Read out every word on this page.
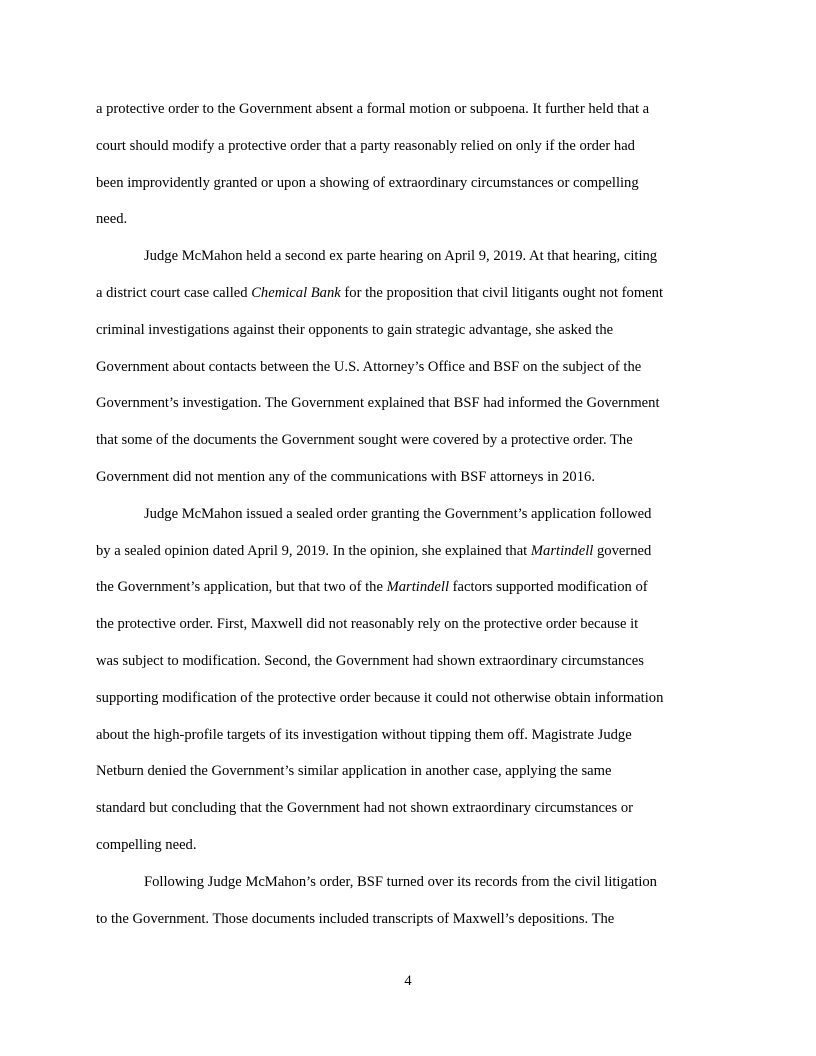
a protective order to the Government absent a formal motion or subpoena. It further held that a
court should modify a protective order that a party reasonably relied on only if the order had
been improvidently granted or upon a showing of extraordinary circumstances or compelling
need.
Judge McMahon held a second ex parte hearing on April 9, 2019. At that hearing, citing
a district court case called Chemical Bank for the proposition that civil litigants ought not foment
criminal investigations against their opponents to gain strategic advantage, she asked the
Government about contacts between the U.S. Attorney’s Office and BSF on the subject of the
Government’s investigation. The Government explained that BSF had informed the Government
that some of the documents the Government sought were covered by a protective order. The
Government did not mention any of the communications with BSF attorneys in 2016.
Judge McMahon issued a sealed order granting the Government’s application followed
by a sealed opinion dated April 9, 2019. In the opinion, she explained that Martindell governed
the Government’s application, but that two of the Martindell factors supported modification of
the protective order. First, Maxwell did not reasonably rely on the protective order because it
was subject to modification. Second, the Government had shown extraordinary circumstances
supporting modification of the protective order because it could not otherwise obtain information
about the high-profile targets of its investigation without tipping them off. Magistrate Judge
Netburn denied the Government’s similar application in another case, applying the same
standard but concluding that the Government had not shown extraordinary circumstances or
compelling need.
Following Judge McMahon’s order, BSF turned over its records from the civil litigation
to the Government. Those documents included transcripts of Maxwell’s depositions. The
4
